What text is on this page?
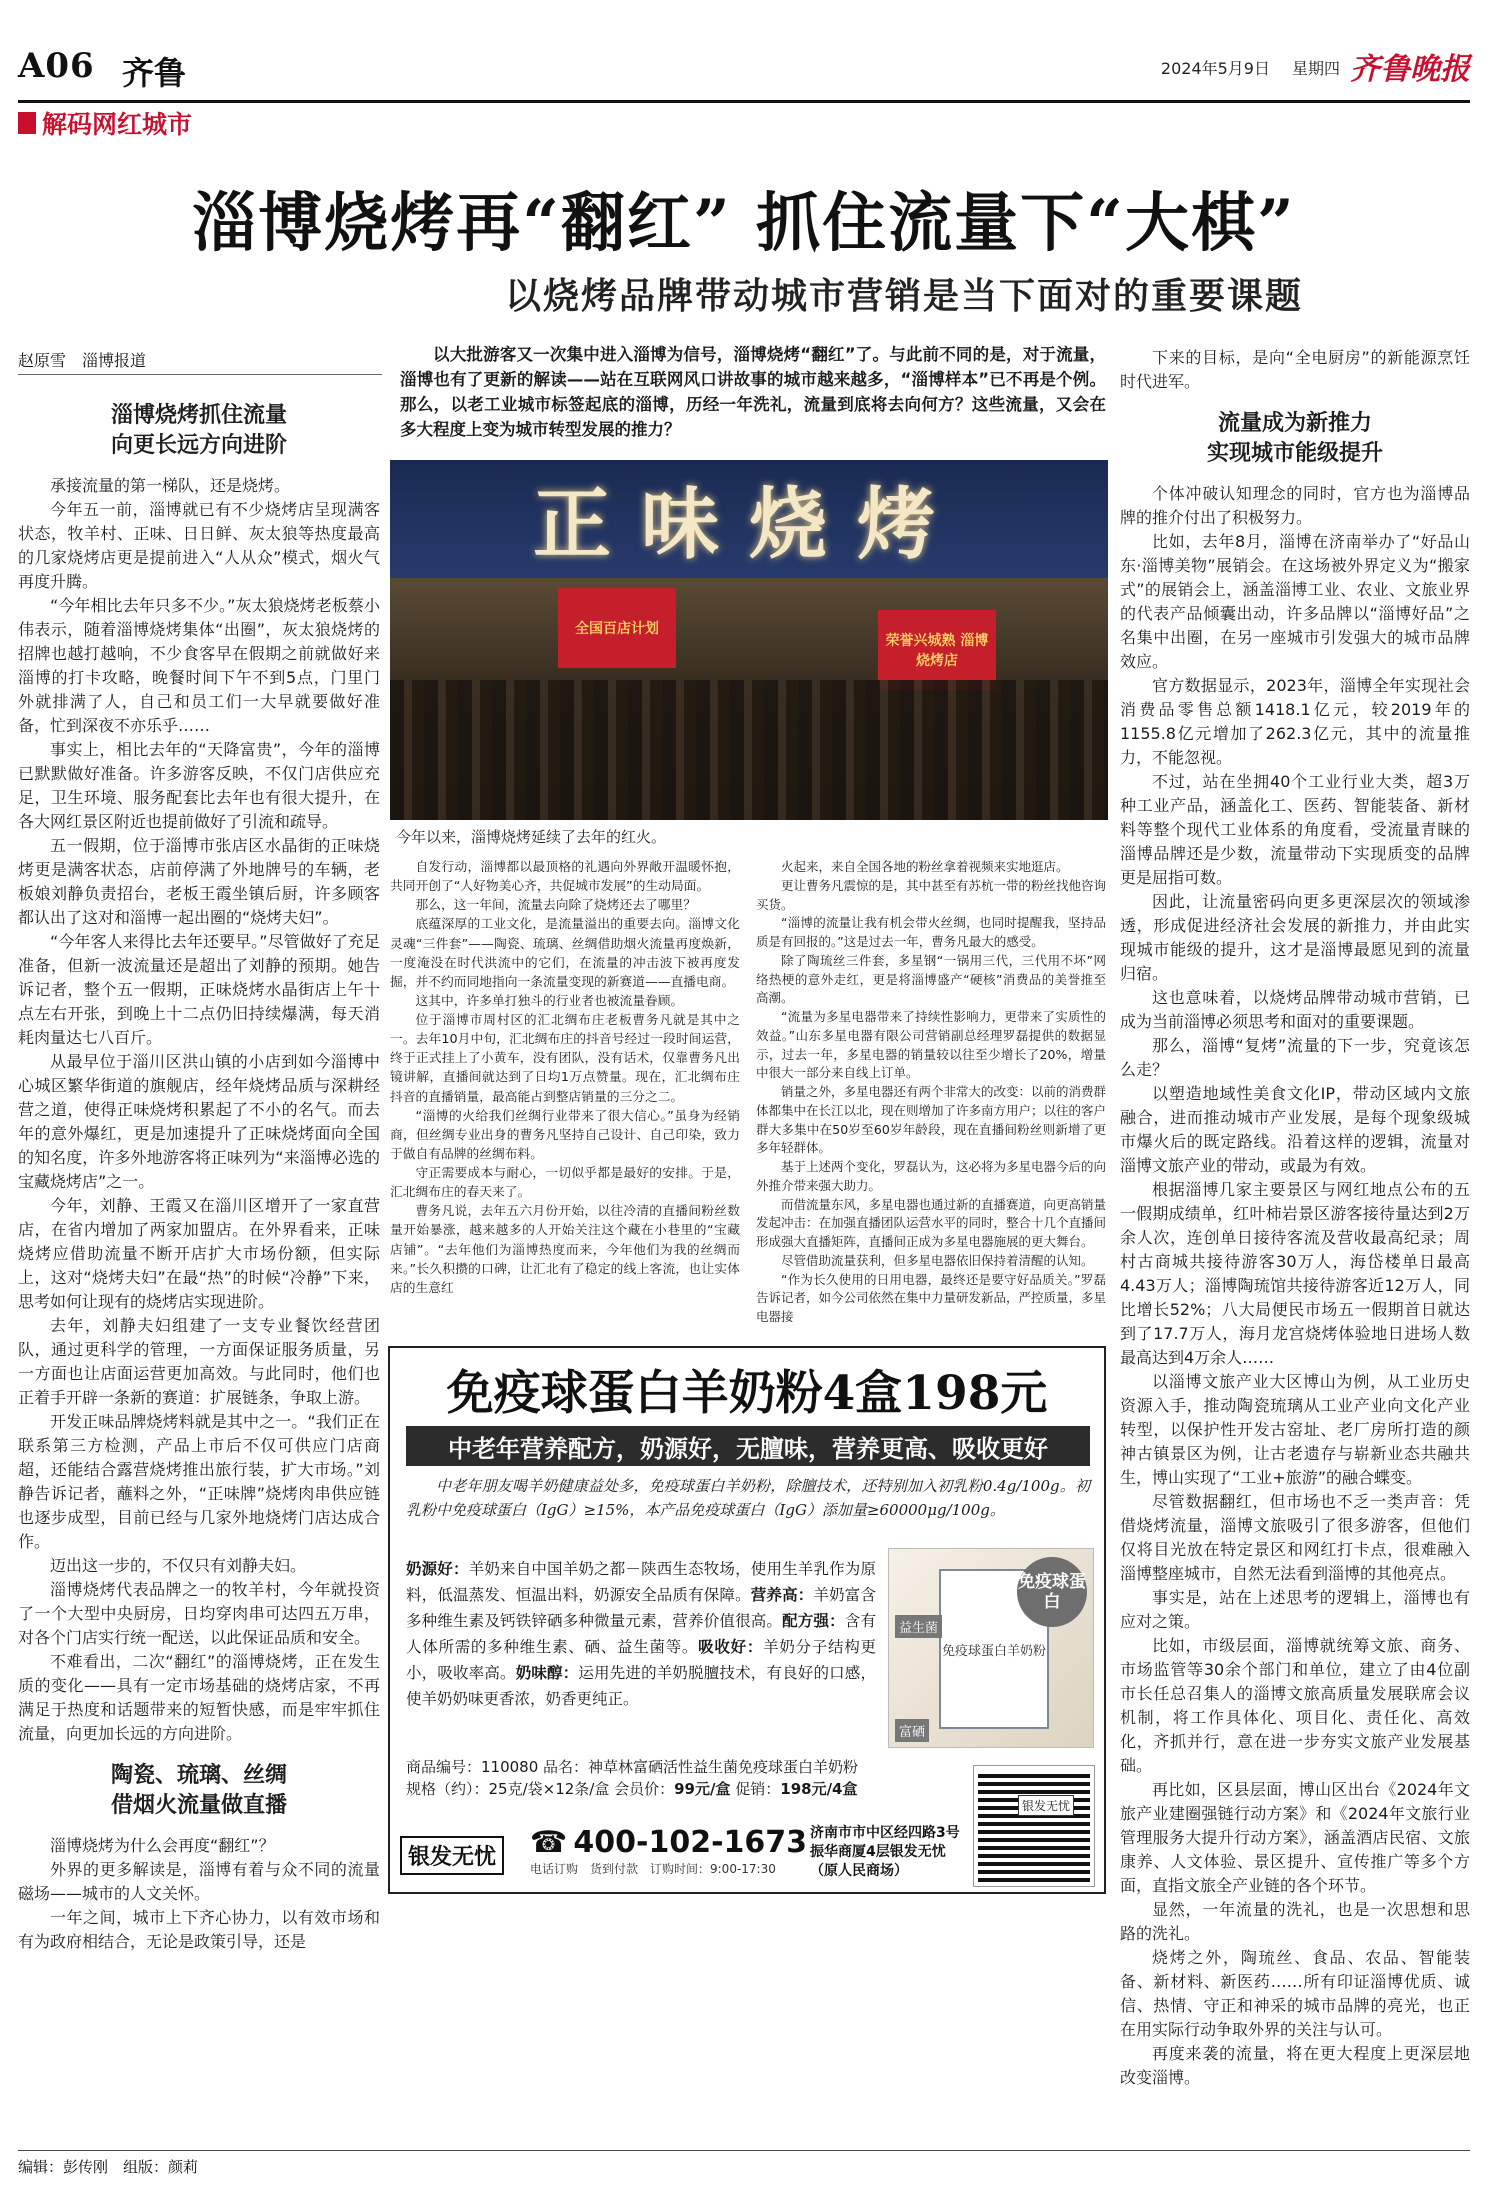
A06 齐鲁	2024年5月9日 星期四 齐鲁晚报
解码网红城市
淄博烧烤再“翻红” 抓住流量下“大棋”
以烧烤品牌带动城市营销是当下面对的重要课题
赵原雪　淄博报道	以大批游客又一次集中进入淄博为信号，淄博烧烤“翻红”了。与此前不同的是，对于流量，淄博也有了更新的解读——站在互联网风口讲故事的城市越来越多，“淄博样本”已不再是个例。那么，以老工业城市标签起底的淄博，历经一年洗礼，流量到底将去向何方？这些流量，又会在多大程度上变为城市转型发展的推力？
正味烧烤
全国百店计划
荣誉兴城熟 淄博烧烤店
今年以来，淄博烧烤延续了去年的红火。
淄博烧烤抓住流量
向更长远方向进阶

承接流量的第一梯队，还是烧烤。

今年五一前，淄博就已有不少烧烤店呈现满客状态，牧羊村、正味、日日鲜、灰太狼等热度最高的几家烧烤店更是提前进入“人从众”模式，烟火气再度升腾。

“今年相比去年只多不少。”灰太狼烧烤老板蔡小伟表示，随着淄博烧烤集体“出圈”，灰太狼烧烤的招牌也越打越响，不少食客早在假期之前就做好来淄博的打卡攻略，晚餐时间下午不到5点，门里门外就排满了人，自己和员工们一大早就要做好准备，忙到深夜不亦乐乎……

事实上，相比去年的“天降富贵”，今年的淄博已默默做好准备。许多游客反映，不仅门店供应充足，卫生环境、服务配套比去年也有很大提升，在各大网红景区附近也提前做好了引流和疏导。

五一假期，位于淄博市张店区水晶街的正味烧烤更是满客状态，店前停满了外地牌号的车辆，老板娘刘静负责招台，老板王霞坐镇后厨，许多顾客都认出了这对和淄博一起出圈的“烧烤夫妇”。

“今年客人来得比去年还要早。”尽管做好了充足准备，但新一波流量还是超出了刘静的预期。她告诉记者，整个五一假期，正味烧烤水晶街店上午十点左右开张，到晚上十二点仍旧持续爆满，每天消耗肉量达七八百斤。

从最早位于淄川区洪山镇的小店到如今淄博中心城区繁华街道的旗舰店，经年烧烤品质与深耕经营之道，使得正味烧烤积累起了不小的名气。而去年的意外爆红，更是加速提升了正味烧烤面向全国的知名度，许多外地游客将正味列为“来淄博必选的宝藏烧烤店”之一。

今年，刘静、王霞又在淄川区增开了一家直营店，在省内增加了两家加盟店。在外界看来，正味烧烤应借助流量不断开店扩大市场份额，但实际上，这对“烧烤夫妇”在最“热”的时候“冷静”下来，思考如何让现有的烧烤店实现进阶。

去年，刘静夫妇组建了一支专业餐饮经营团队，通过更科学的管理，一方面保证服务质量，另一方面也让店面运营更加高效。与此同时，他们也正着手开辟一条新的赛道：扩展链条，争取上游。

开发正味品牌烧烤料就是其中之一。“我们正在联系第三方检测，产品上市后不仅可供应门店商超，还能结合露营烧烤推出旅行装，扩大市场。”刘静告诉记者，蘸料之外，“正味牌”烧烤肉串供应链也逐步成型，目前已经与几家外地烧烤门店达成合作。

迈出这一步的，不仅只有刘静夫妇。

淄博烧烤代表品牌之一的牧羊村，今年就投资了一个大型中央厨房，日均穿肉串可达四五万串，对各个门店实行统一配送，以此保证品质和安全。

不难看出，二次“翻红”的淄博烧烤，正在发生质的变化——具有一定市场基础的烧烤店家，不再满足于热度和话题带来的短暂快感，而是牢牢抓住流量，向更加长远的方向进阶。

陶瓷、琉璃、丝绸
借烟火流量做直播

淄博烧烤为什么会再度“翻红”？

外界的更多解读是，淄博有着与众不同的流量磁场——城市的人文关怀。

一年之间，城市上下齐心协力，以有效市场和有为政府相结合，无论是政策引导，还是

自发行动，淄博都以最顶格的礼遇向外界敞开温暖怀抱，共同开创了“人好物美心齐，共促城市发展”的生动局面。

那么，这一年间，流量去向除了烧烤还去了哪里？

底蕴深厚的工业文化，是流量溢出的重要去向。淄博文化灵魂“三件套”——陶瓷、琉璃、丝绸借助烟火流量再度焕新，一度淹没在时代洪流中的它们，在流量的冲击波下被再度发掘，并不约而同地指向一条流量变现的新赛道——直播电商。

这其中，许多单打独斗的行业者也被流量眷顾。

位于淄博市周村区的汇北绸布庄老板曹务凡就是其中之一。去年10月中旬，汇北绸布庄的抖音号经过一段时间运营，终于正式挂上了小黄车，没有团队，没有话术，仅靠曹务凡出镜讲解，直播间就达到了日均1万点赞量。现在，汇北绸布庄抖音的直播销量，最高能占到整店销量的三分之二。

“淄博的火给我们丝绸行业带来了很大信心。”虽身为经销商，但丝绸专业出身的曹务凡坚持自己设计、自己印染，致力于做自有品牌的丝绸布料。

守正需要成本与耐心，一切似乎都是最好的安排。于是，汇北绸布庄的春天来了。

曹务凡说，去年五六月份开始，以往冷清的直播间粉丝数量开始暴涨，越来越多的人开始关注这个藏在小巷里的“宝藏店铺”。“去年他们为淄博热度而来，今年他们为我的丝绸而来。”长久积攒的口碑，让汇北有了稳定的线上客流，也让实体店的生意红

火起来，来自全国各地的粉丝拿着视频来实地逛店。

更让曹务凡震惊的是，其中甚至有苏杭一带的粉丝找他咨询买货。

“淄博的流量让我有机会带火丝绸，也同时提醒我，坚持品质是有回报的。”这是过去一年，曹务凡最大的感受。

除了陶琉丝三件套，多星钢“一锅用三代，三代用不坏”网络热梗的意外走红，更是将淄博盛产“硬核”消费品的美誉推至高潮。

“流量为多星电器带来了持续性影响力，更带来了实质性的效益。”山东多星电器有限公司营销副总经理罗磊提供的数据显示，过去一年，多星电器的销量较以往至少增长了20%，增量中很大一部分来自线上订单。

销量之外，多星电器还有两个非常大的改变：以前的消费群体都集中在长江以北，现在则增加了许多南方用户；以往的客户群大多集中在50岁至60岁年龄段，现在直播间粉丝则新增了更多年轻群体。

基于上述两个变化，罗磊认为，这必将为多星电器今后的向外推介带来强大助力。

而借流量东风，多星电器也通过新的直播赛道，向更高销量发起冲击：在加强直播团队运营水平的同时，整合十几个直播间形成强大直播矩阵，直播间正成为多星电器施展的更大舞台。

尽管借助流量获利，但多星电器依旧保持着清醒的认知。

“作为长久使用的日用电器，最终还是要守好品质关。”罗磊告诉记者，如今公司依然在集中力量研发新品，严控质量，多星电器接

下来的目标，是向“全电厨房”的新能源烹饪时代进军。

流量成为新推力
实现城市能级提升

个体冲破认知理念的同时，官方也为淄博品牌的推介付出了积极努力。

比如，去年8月，淄博在济南举办了“好品山东·淄博美物”展销会。在这场被外界定义为“搬家式”的展销会上，涵盖淄博工业、农业、文旅业界的代表产品倾囊出动，许多品牌以“淄博好品”之名集中出圈，在另一座城市引发强大的城市品牌效应。

官方数据显示，2023年，淄博全年实现社会消费品零售总额1418.1亿元，较2019年的1155.8亿元增加了262.3亿元，其中的流量推力，不能忽视。

不过，站在坐拥40个工业行业大类，超3万种工业产品，涵盖化工、医药、智能装备、新材料等整个现代工业体系的角度看，受流量青睐的淄博品牌还是少数，流量带动下实现质变的品牌更是屈指可数。

因此，让流量密码向更多更深层次的领域渗透，形成促进经济社会发展的新推力，并由此实现城市能级的提升，这才是淄博最愿见到的流量归宿。

这也意味着，以烧烤品牌带动城市营销，已成为当前淄博必须思考和面对的重要课题。

那么，淄博“复烤”流量的下一步，究竟该怎么走？

以塑造地域性美食文化IP，带动区域内文旅融合，进而推动城市产业发展，是每个现象级城市爆火后的既定路线。沿着这样的逻辑，流量对淄博文旅产业的带动，或最为有效。

根据淄博几家主要景区与网红地点公布的五一假期成绩单，红叶柿岩景区游客接待量达到2万余人次，连创单日接待客流及营收最高纪录；周村古商城共接待游客30万人，海岱楼单日最高4.43万人；淄博陶琉馆共接待游客近12万人，同比增长52%；八大局便民市场五一假期首日就达到了17.7万人，海月龙宫烧烤体验地日进场人数最高达到4万余人……

以淄博文旅产业大区博山为例，从工业历史资源入手，推动陶瓷琉璃从工业产业向文化产业转型，以保护性开发古窑址、老厂房所打造的颜神古镇景区为例，让古老遗存与崭新业态共融共生，博山实现了“工业+旅游”的融合蝶变。

尽管数据翻红，但市场也不乏一类声音：凭借烧烤流量，淄博文旅吸引了很多游客，但他们仅将目光放在特定景区和网红打卡点，很难融入淄博整座城市，自然无法看到淄博的其他亮点。

事实是，站在上述思考的逻辑上，淄博也有应对之策。

比如，市级层面，淄博就统筹文旅、商务、市场监管等30余个部门和单位，建立了由4位副市长任总召集人的淄博文旅高质量发展联席会议机制，将工作具体化、项目化、责任化、高效化，齐抓并行，意在进一步夯实文旅产业发展基础。

再比如，区县层面，博山区出台《2024年文旅产业建圈强链行动方案》和《2024年文旅行业管理服务大提升行动方案》，涵盖酒店民宿、文旅康养、人文体验、景区提升、宣传推广等多个方面，直指文旅全产业链的各个环节。

显然，一年流量的洗礼，也是一次思想和思路的洗礼。

烧烤之外，陶琉丝、食品、农品、智能装备、新材料、新医药……所有印证淄博优质、诚信、热情、守正和神采的城市品牌的亮光，也正在用实际行动争取外界的关注与认可。

再度来袭的流量，将在更大程度上更深层地改变淄博。

免疫球蛋白羊奶粉4盒198元
中老年营养配方，奶源好，无膻味，营养更高、吸收更好
中老年朋友喝羊奶健康益处多，免疫球蛋白羊奶粉，除膻技术，还特别加入初乳粉0.4g/100g。初乳粉中免疫球蛋白（IgG）≥15%，本产品免疫球蛋白（IgG）添加量≥60000μg/100g。
奶源好：羊奶来自中国羊奶之都－陕西生态牧场，使用生羊乳作为原料，低温蒸发、恒温出料，奶源安全品质有保障。营养高：羊奶富含多种维生素及钙铁锌硒多种微量元素，营养价值很高。配方强：含有人体所需的多种维生素、硒、益生菌等。吸收好：羊奶分子结构更小，吸收率高。奶味醇：运用先进的羊奶脱膻技术，有良好的口感，使羊奶奶味更香浓，奶香更纯正。
免疫球蛋白羊奶粉
免疫球蛋白
益生菌
富硒
商品编号：110080 品名：神草林富硒活性益生菌免疫球蛋白羊奶粉
规格（约）：25克/袋×12条/盒 会员价：99元/盒 促销：198元/4盒
银发无忧
☎	400-102-1673
电话订购　货到付款　订购时间：9:00-17:30
济南市市中区经四路3号振华商厦4层银发无忧（原人民商场）
银发无忧
编辑：彭传刚　组版：颜莉
